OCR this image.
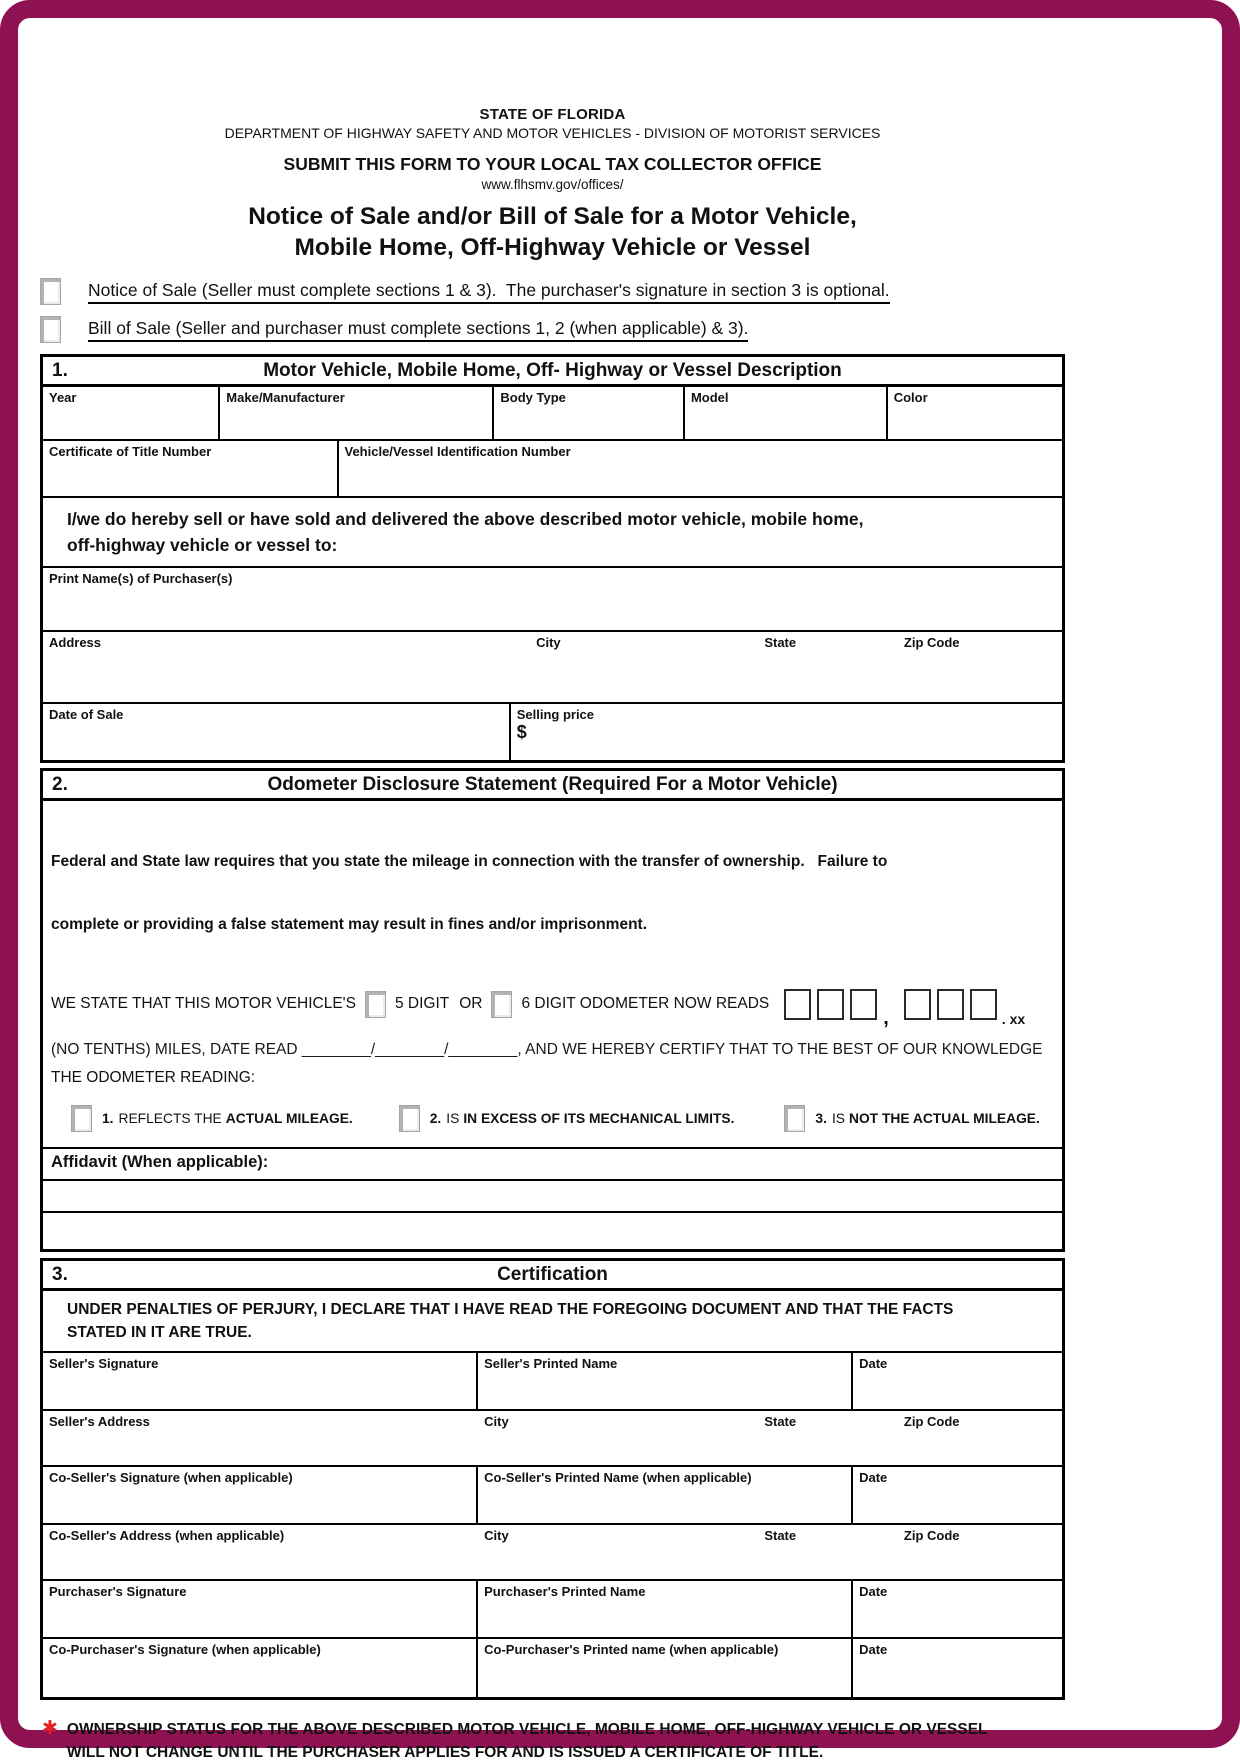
STATE OF FLORIDA
DEPARTMENT OF HIGHWAY SAFETY AND MOTOR VEHICLES - DIVISION OF MOTORIST SERVICES
SUBMIT THIS FORM TO YOUR LOCAL TAX COLLECTOR OFFICE
www.flhsmv.gov/offices/
Notice of Sale and/or Bill of Sale for a Motor Vehicle,
Mobile Home, Off-Highway Vehicle or Vessel
Notice of Sale (Seller must complete sections 1 & 3).  The purchaser's signature in section 3 is optional.
Bill of Sale (Seller and purchaser must complete sections 1, 2 (when applicable) & 3).
1.	Motor Vehicle, Mobile Home, Off- Highway or Vessel Description
Year	Make/Manufacturer	Body Type	Model	Color
Certificate of Title Number	Vehicle/Vessel Identification Number
I/we do hereby sell or have sold and delivered the above described motor vehicle, mobile home,
off-highway vehicle or vessel to:
Print Name(s) of Purchaser(s)
Address	City	State	Zip Code
Date of Sale	Selling price
$
2.	Odometer Disclosure Statement (Required For a Motor Vehicle)

Federal and State law requires that you state the mileage in connection with the transfer of ownership.   Failure to

complete or providing a false statement may result in fines and/or imprisonment.

WE STATE THAT THIS MOTOR VEHICLE'S	5 DIGIT OR	6 DIGIT ODOMETER NOW READS
,	. xx
(NO TENTHS) MILES, DATE READ ________/________/________, AND WE HEREBY CERTIFY THAT TO THE BEST OF OUR KNOWLEDGE
THE ODOMETER READING:
1. REFLECTS THE ACTUAL MILEAGE.	2. IS IN EXCESS OF ITS MECHANICAL LIMITS.	3. IS NOT THE ACTUAL MILEAGE.
Affidavit (When applicable):
3.	Certification
UNDER PENALTIES OF PERJURY, I DECLARE THAT I HAVE READ THE FOREGOING DOCUMENT AND THAT THE FACTS
STATED IN IT ARE TRUE.
Seller's Signature	Seller's Printed Name	Date
Seller's Address	City	State	Zip Code
Co-Seller's Signature (when applicable)	Co-Seller's Printed Name (when applicable)	Date
Co-Seller's Address (when applicable)	City	State	Zip Code
Purchaser's Signature	Purchaser's Printed Name	Date
Co-Purchaser's Signature (when applicable)	Co-Purchaser's Printed name (when applicable)	Date
✱ OWNERSHIP STATUS FOR THE ABOVE DESCRIBED MOTOR VEHICLE, MOBILE HOME, OFF-HIGHWAY VEHICLE OR VESSEL
WILL NOT CHANGE UNTIL THE PURCHASER APPLIES FOR AND IS ISSUED A CERTIFICATE OF TITLE.
